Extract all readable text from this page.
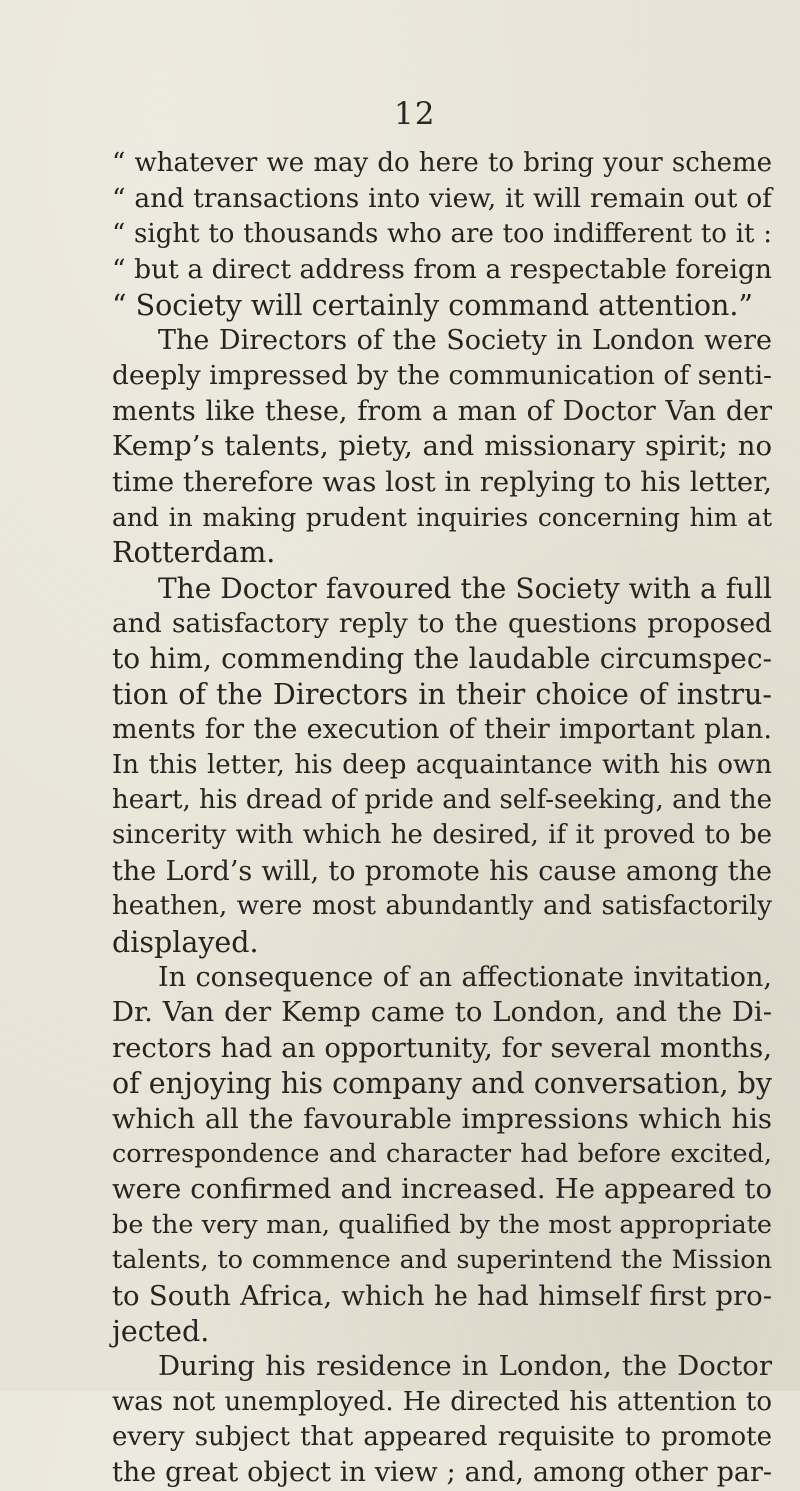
12
“ whatever we may do here to bring your scheme
“ and transactions into view, it will remain out of
“ sight to thousands who are too indifferent to it :
“ but a direct address from a respectable foreign
“ Society will certainly command attention.”
The Directors of the Society in London were
deeply impressed by the communication of senti-
ments like these, from a man of Doctor Van der
Kemp’s talents, piety, and missionary spirit; no
time therefore was lost in replying to his letter,
and in making prudent inquiries concerning him at
Rotterdam.
The Doctor favoured the Society with a full
and satisfactory reply to the questions proposed
to him, commending the laudable circumspec-
tion of the Directors in their choice of instru-
ments for the execution of their important plan.
In this letter, his deep acquaintance with his own
heart, his dread of pride and self-seeking, and the
sincerity with which he desired, if it proved to be
the Lord’s will, to promote his cause among the
heathen, were most abundantly and satisfactorily
displayed.
In consequence of an affectionate invitation,
Dr. Van der Kemp came to London, and the Di-
rectors had an opportunity, for several months,
of enjoying his company and conversation, by
which all the favourable impressions which his
correspondence and character had before excited,
were confirmed and increased. He appeared to
be the very man, qualified by the most appropriate
talents, to commence and superintend the Mission
to South Africa, which he had himself first pro-
jected.
During his residence in London, the Doctor
was not unemployed. He directed his attention to
every subject that appeared requisite to promote
the great object in view ; and, among other par-
